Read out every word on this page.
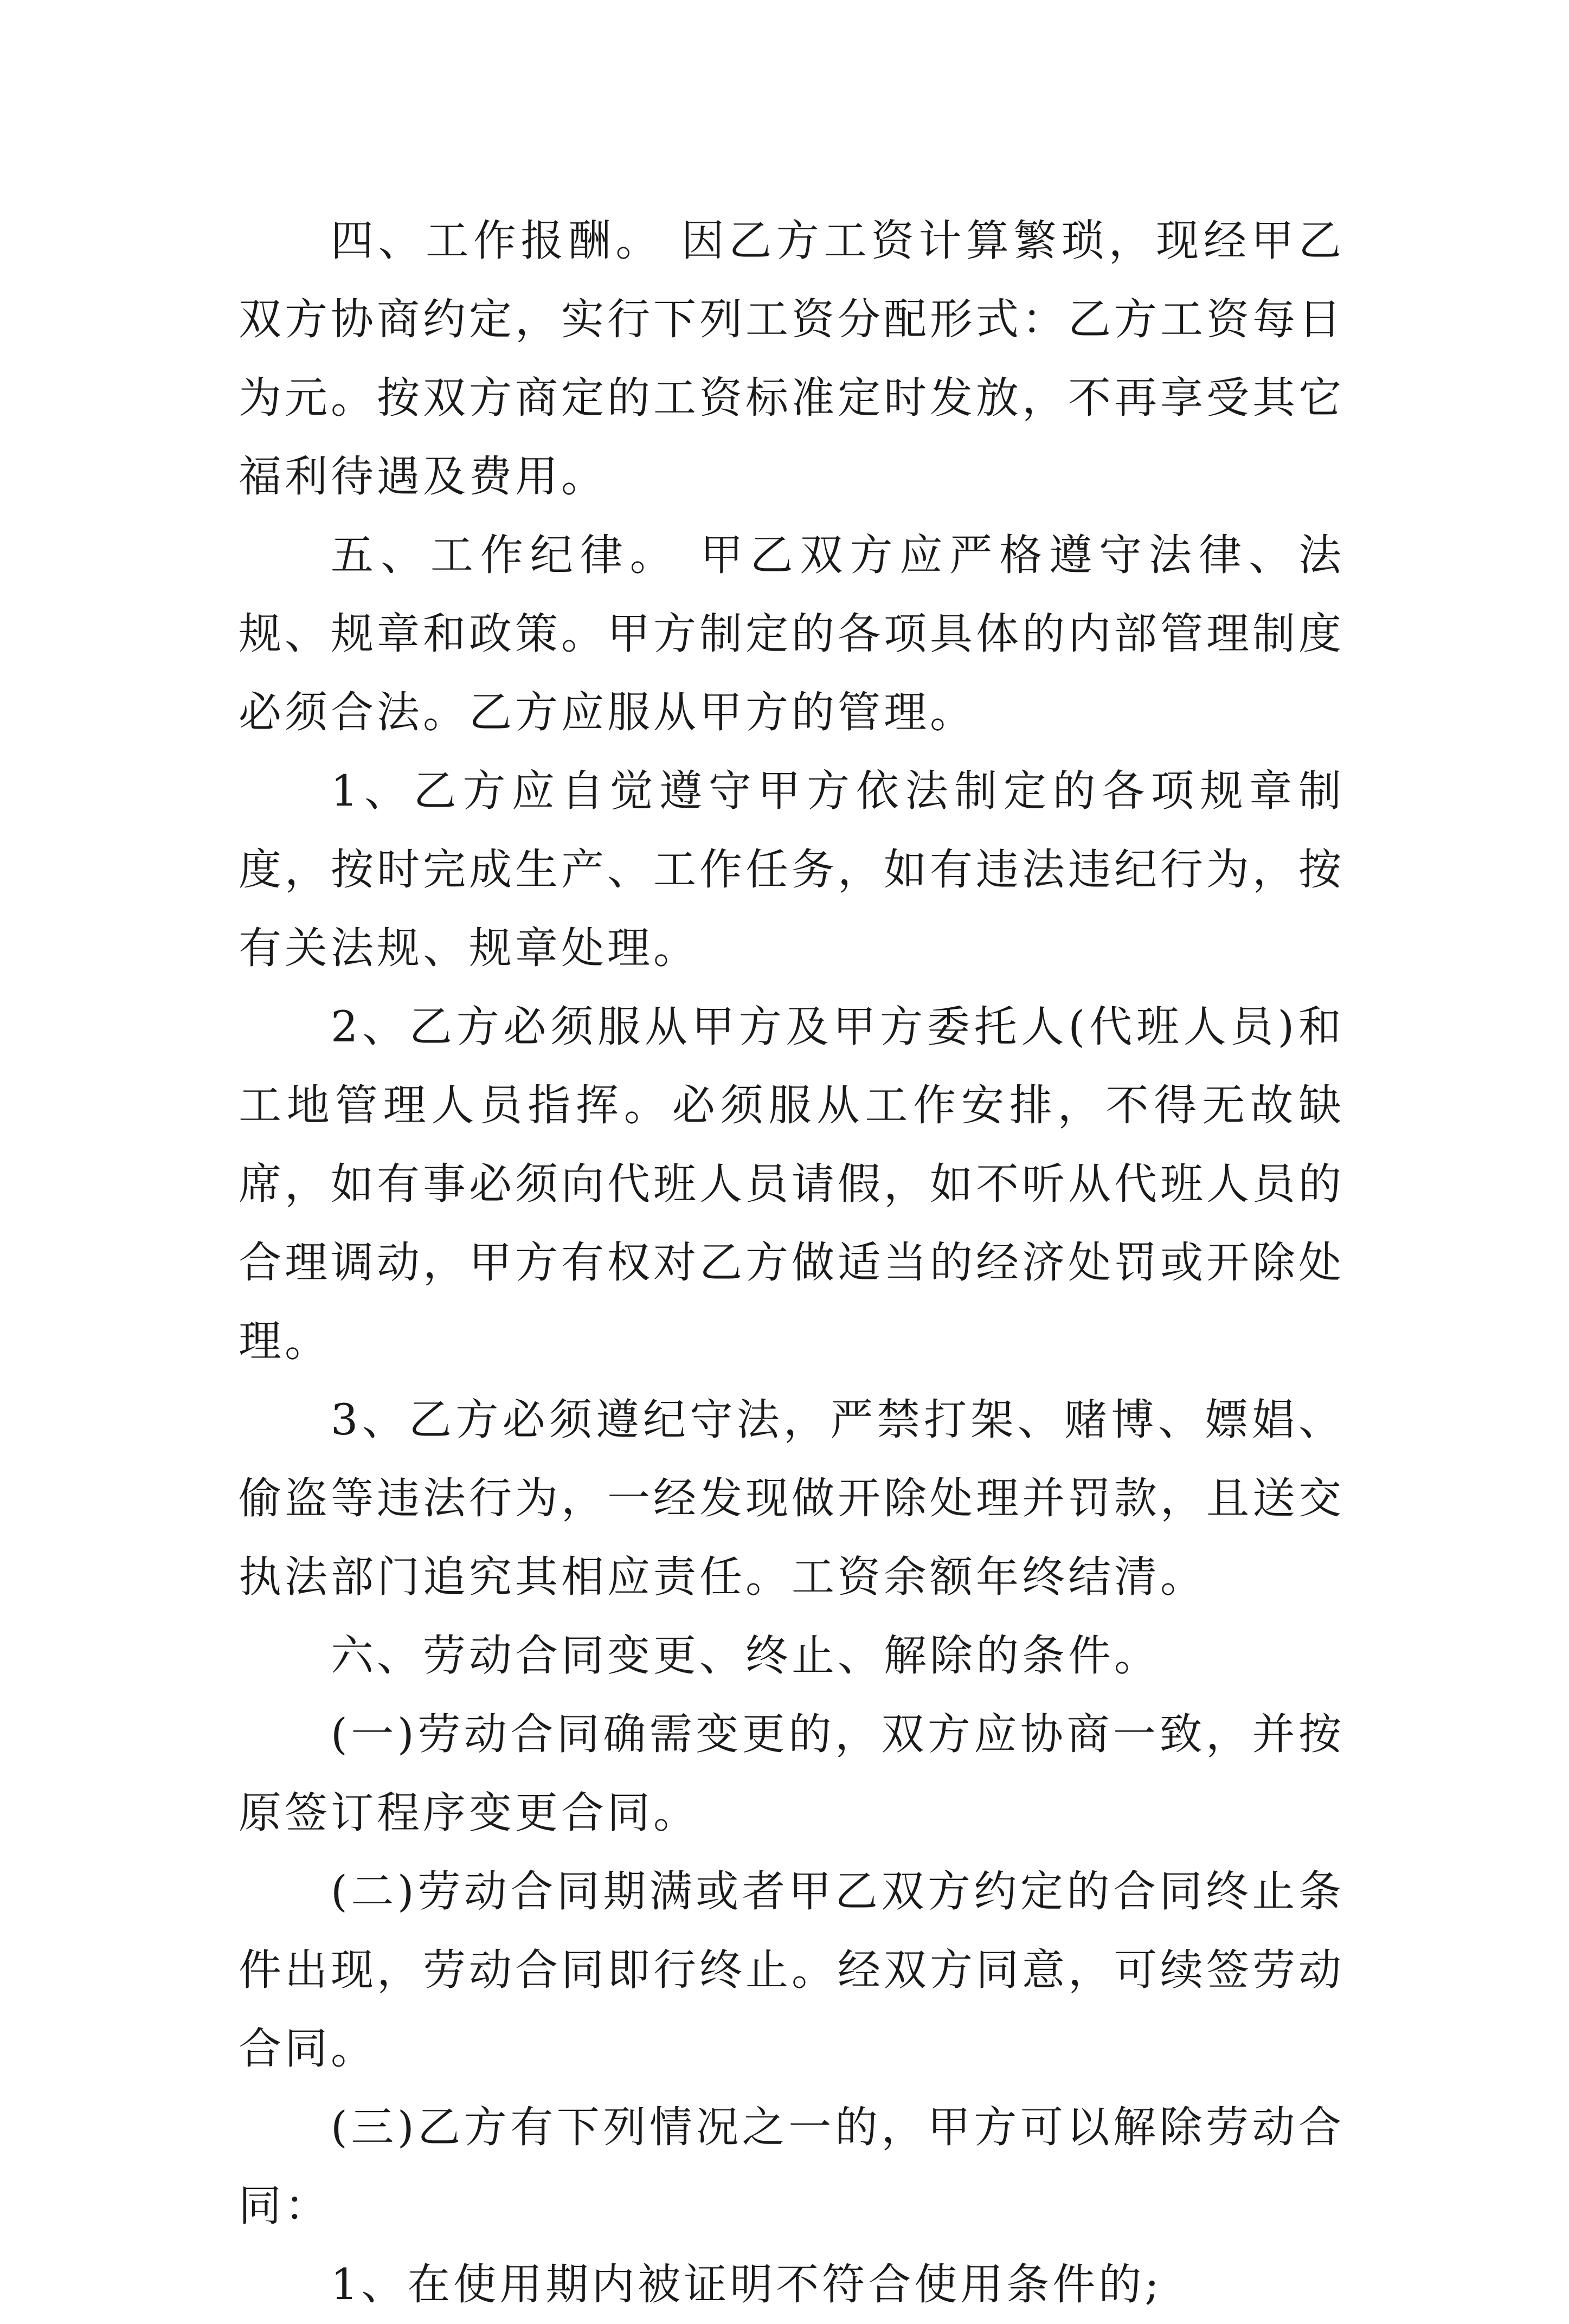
四、工作报酬。 因乙方工资计算繁琐，现经甲乙双方协商约定，实行下列工资分配形式：乙方工资每日为元。按双方商定的工资标准定时发放，不再享受其它福利待遇及费用。

五、工作纪律。 甲乙双方应严格遵守法律、法规、规章和政策。甲方制定的各项具体的内部管理制度必须合法。乙方应服从甲方的管理。

1、乙方应自觉遵守甲方依法制定的各项规章制度，按时完成生产、工作任务，如有违法违纪行为，按有关法规、规章处理。

2、乙方必须服从甲方及甲方委托人(代班人员)和工地管理人员指挥。必须服从工作安排，不得无故缺席，如有事必须向代班人员请假，如不听从代班人员的合理调动，甲方有权对乙方做适当的经济处罚或开除处理。

3、乙方必须遵纪守法，严禁打架、赌博、嫖娼、偷盗等违法行为，一经发现做开除处理并罚款，且送交执法部门追究其相应责任。工资余额年终结清。

六、劳动合同变更、终止、解除的条件。

(一)劳动合同确需变更的，双方应协商一致，并按原签订程序变更合同。

(二)劳动合同期满或者甲乙双方约定的合同终止条件出现，劳动合同即行终止。经双方同意，可续签劳动合同。

(三)乙方有下列情况之一的，甲方可以解除劳动合同：

1、在使用期内被证明不符合使用条件的;
